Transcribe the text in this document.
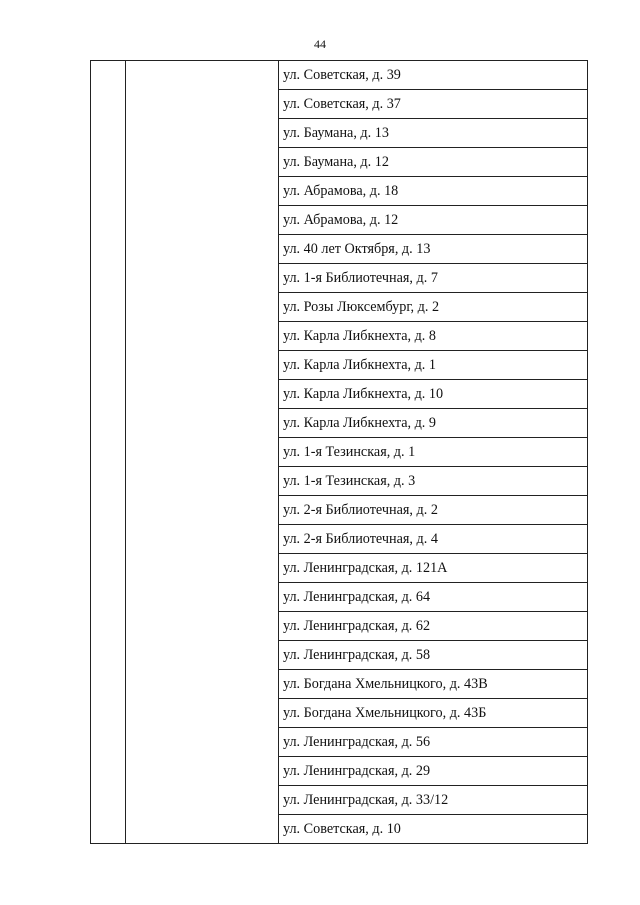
44
		ул. Советская, д. 39
ул. Советская, д. 37
ул. Баумана, д. 13
ул. Баумана, д. 12
ул. Абрамова, д. 18
ул. Абрамова, д. 12
ул. 40 лет Октября, д. 13
ул. 1-я Библиотечная, д. 7
ул. Розы Люксембург, д. 2
ул. Карла Либкнехта, д. 8
ул. Карла Либкнехта, д. 1
ул. Карла Либкнехта, д. 10
ул. Карла Либкнехта, д. 9
ул. 1-я Тезинская, д. 1
ул. 1-я Тезинская, д. 3
ул. 2-я Библиотечная, д. 2
ул. 2-я Библиотечная, д. 4
ул. Ленинградская, д. 121А
ул. Ленинградская, д. 64
ул. Ленинградская, д. 62
ул. Ленинградская, д. 58
ул. Богдана Хмельницкого, д. 43В
ул. Богдана Хмельницкого, д. 43Б
ул. Ленинградская, д. 56
ул. Ленинградская, д. 29
ул. Ленинградская, д. 33/12
ул. Советская, д. 10
